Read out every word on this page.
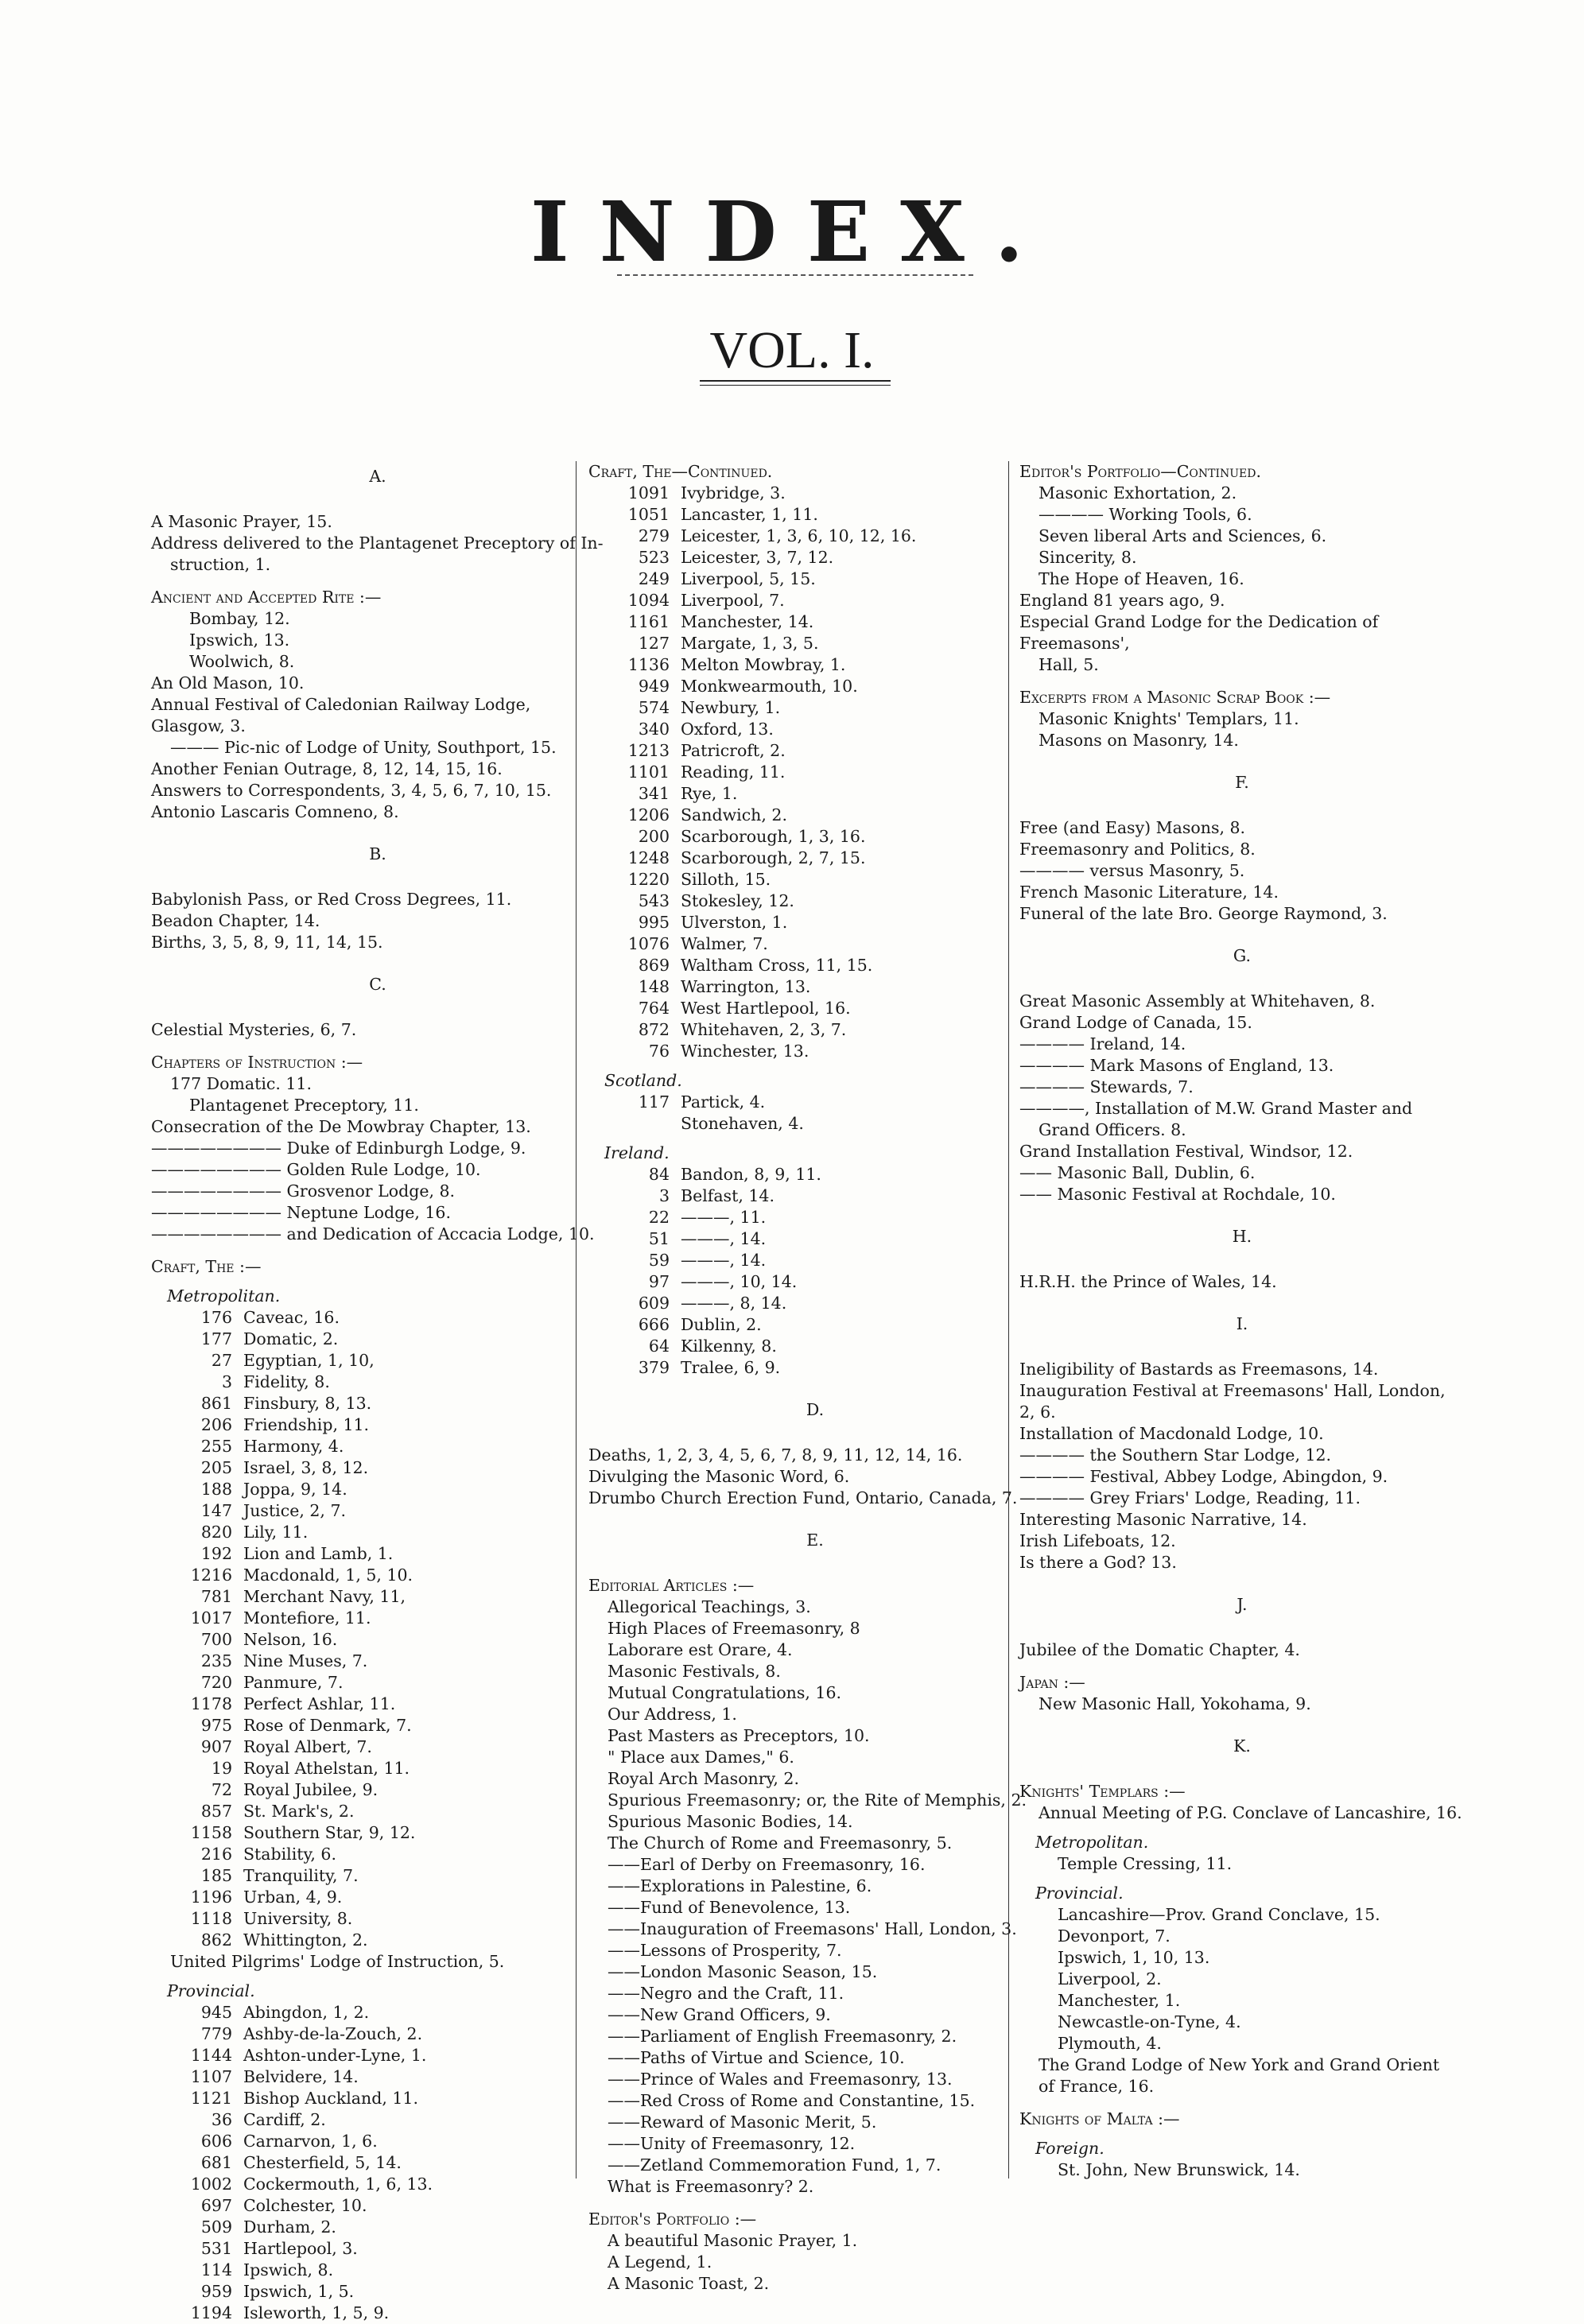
INDEX.
VOL. I.
A.
A Masonic Prayer, 15.
Address delivered to the Plantagenet Preceptory of In-
struction, 1.
Ancient and Accepted Rite :—
Bombay, 12.
Ipswich, 13.
Woolwich, 8.
An Old Mason, 10.
Annual Festival of Caledonian Railway Lodge, Glasgow, 3.
——— Pic-nic of Lodge of Unity, Southport, 15.
Another Fenian Outrage, 8, 12, 14, 15, 16.
Answers to Correspondents, 3, 4, 5, 6, 7, 10, 15.
Antonio Lascaris Comneno, 8.
B.
Babylonish Pass, or Red Cross Degrees, 11.
Beadon Chapter, 14.
Births, 3, 5, 8, 9, 11, 14, 15.
C.
Celestial Mysteries, 6, 7.
Chapters of Instruction :—
177 Domatic. 11.
Plantagenet Preceptory, 11.
Consecration of the De Mowbray Chapter, 13.
———————— Duke of Edinburgh Lodge, 9.
———————— Golden Rule Lodge, 10.
———————— Grosvenor Lodge, 8.
———————— Neptune Lodge, 16.
———————— and Dedication of Accacia Lodge, 10.
Craft, The :—
Metropolitan.
176 Caveac, 16.
177 Domatic, 2.
27 Egyptian, 1, 10,
3 Fidelity, 8.
861 Finsbury, 8, 13.
206 Friendship, 11.
255 Harmony, 4.
205 Israel, 3, 8, 12.
188 Joppa, 9, 14.
147 Justice, 2, 7.
820 Lily, 11.
192 Lion and Lamb, 1.
1216 Macdonald, 1, 5, 10.
781 Merchant Navy, 11,
1017 Montefiore, 11.
700 Nelson, 16.
235 Nine Muses, 7.
720 Panmure, 7.
1178 Perfect Ashlar, 11.
975 Rose of Denmark, 7.
907 Royal Albert, 7.
19 Royal Athelstan, 11.
72 Royal Jubilee, 9.
857 St. Mark's, 2.
1158 Southern Star, 9, 12.
216 Stability, 6.
185 Tranquility, 7.
1196 Urban, 4, 9.
1118 University, 8.
862 Whittington, 2.
United Pilgrims' Lodge of Instruction, 5.
Provincial.
945 Abingdon, 1, 2.
779 Ashby-de-la-Zouch, 2.
1144 Ashton-under-Lyne, 1.
1107 Belvidere, 14.
1121 Bishop Auckland, 11.
36 Cardiff, 2.
606 Carnarvon, 1, 6.
681 Chesterfield, 5, 14.
1002 Cockermouth, 1, 6, 13.
697 Colchester, 10.
509 Durham, 2.
531 Hartlepool, 3.
114 Ipswich, 8.
959 Ipswich, 1, 5.
1194 Isleworth, 1, 5, 9.
Craft, The—Continued.
1091 Ivybridge, 3.
1051 Lancaster, 1, 11.
279 Leicester, 1, 3, 6, 10, 12, 16.
523 Leicester, 3, 7, 12.
249 Liverpool, 5, 15.
1094 Liverpool, 7.
1161 Manchester, 14.
127 Margate, 1, 3, 5.
1136 Melton Mowbray, 1.
949 Monkwearmouth, 10.
574 Newbury, 1.
340 Oxford, 13.
1213 Patricroft, 2.
1101 Reading, 11.
341 Rye, 1.
1206 Sandwich, 2.
200 Scarborough, 1, 3, 16.
1248 Scarborough, 2, 7, 15.
1220 Silloth, 15.
543 Stokesley, 12.
995 Ulverston, 1.
1076 Walmer, 7.
869 Waltham Cross, 11, 15.
148 Warrington, 13.
764 West Hartlepool, 16.
872 Whitehaven, 2, 3, 7.
76 Winchester, 13.
Scotland.
117 Partick, 4.
Stonehaven, 4.
Ireland.
84 Bandon, 8, 9, 11.
3 Belfast, 14.
22 ———, 11.
51 ———, 14.
59 ———, 14.
97 ———, 10, 14.
609 ———, 8, 14.
666 Dublin, 2.
64 Kilkenny, 8.
379 Tralee, 6, 9.
D.
Deaths, 1, 2, 3, 4, 5, 6, 7, 8, 9, 11, 12, 14, 16.
Divulging the Masonic Word, 6.
Drumbo Church Erection Fund, Ontario, Canada, 7.
E.
Editorial Articles :—
Allegorical Teachings, 3.
High Places of Freemasonry, 8
Laborare est Orare, 4.
Masonic Festivals, 8.
Mutual Congratulations, 16.
Our Address, 1.
Past Masters as Preceptors, 10.
" Place aux Dames," 6.
Royal Arch Masonry, 2.
Spurious Freemasonry; or, the Rite of Memphis, 2.
Spurious Masonic Bodies, 14.
The Church of Rome and Freemasonry, 5.
——Earl of Derby on Freemasonry, 16.
——Explorations in Palestine, 6.
——Fund of Benevolence, 13.
——Inauguration of Freemasons' Hall, London, 3.
——Lessons of Prosperity, 7.
——London Masonic Season, 15.
——Negro and the Craft, 11.
——New Grand Officers, 9.
——Parliament of English Freemasonry, 2.
——Paths of Virtue and Science, 10.
——Prince of Wales and Freemasonry, 13.
——Red Cross of Rome and Constantine, 15.
——Reward of Masonic Merit, 5.
——Unity of Freemasonry, 12.
——Zetland Commemoration Fund, 1, 7.
What is Freemasonry? 2.
Editor's Portfolio :—
A beautiful Masonic Prayer, 1.
A Legend, 1.
A Masonic Toast, 2.
Editor's Portfolio—Continued.
Masonic Exhortation, 2.
———— Working Tools, 6.
Seven liberal Arts and Sciences, 6.
Sincerity, 8.
The Hope of Heaven, 16.
England 81 years ago, 9.
Especial Grand Lodge for the Dedication of Freemasons',
Hall, 5.
Excerpts from a Masonic Scrap Book :—
Masonic Knights' Templars, 11.
Masons on Masonry, 14.
F.
Free (and Easy) Masons, 8.
Freemasonry and Politics, 8.
———— versus Masonry, 5.
French Masonic Literature, 14.
Funeral of the late Bro. George Raymond, 3.
G.
Great Masonic Assembly at Whitehaven, 8.
Grand Lodge of Canada, 15.
———— Ireland, 14.
———— Mark Masons of England, 13.
———— Stewards, 7.
————, Installation of M.W. Grand Master and
Grand Officers. 8.
Grand Installation Festival, Windsor, 12.
—— Masonic Ball, Dublin, 6.
—— Masonic Festival at Rochdale, 10.
H.
H.R.H. the Prince of Wales, 14.
I.
Ineligibility of Bastards as Freemasons, 14.
Inauguration Festival at Freemasons' Hall, London, 2, 6.
Installation of Macdonald Lodge, 10.
———— the Southern Star Lodge, 12.
———— Festival, Abbey Lodge, Abingdon, 9.
———— Grey Friars' Lodge, Reading, 11.
Interesting Masonic Narrative, 14.
Irish Lifeboats, 12.
Is there a God? 13.
J.
Jubilee of the Domatic Chapter, 4.
Japan :—
New Masonic Hall, Yokohama, 9.
K.
Knights' Templars :—
Annual Meeting of P.G. Conclave of Lancashire, 16.
Metropolitan.
Temple Cressing, 11.
Provincial.
Lancashire—Prov. Grand Conclave, 15.
Devonport, 7.
Ipswich, 1, 10, 13.
Liverpool, 2.
Manchester, 1.
Newcastle-on-Tyne, 4.
Plymouth, 4.
The Grand Lodge of New York and Grand Orient
of France, 16.
Knights of Malta :—
Foreign.
St. John, New Brunswick, 14.
